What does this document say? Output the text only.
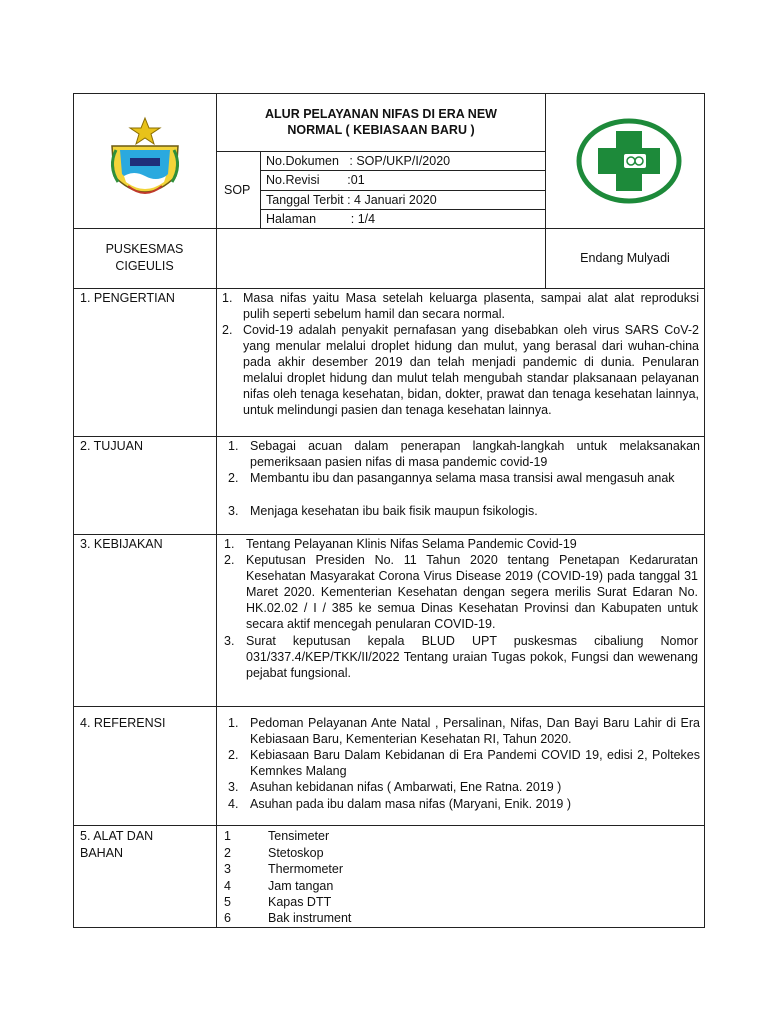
ALUR PELAYANAN NIFAS DI ERA NEW
NORMAL ( KEBIASAAN BARU )
SOP
No.Dokumen   : SOP/UKP/I/2020
No.Revisi        :01
Tanggal Terbit : 4 Januari 2020
Halaman          : 1/4
PUSKESMAS
CIGEULIS
Endang Mulyadi
1. PENGERTIAN	1. Masa nifas yaitu Masa setelah keluarga plasenta, sampai alat alat reproduksi pulih seperti sebelum hamil dan secara normal.
2. Covid-19 adalah penyakit pernafasan yang disebabkan oleh virus SARS CoV-2 yang menular melalui droplet hidung dan mulut, yang berasal dari wuhan-china pada akhir desember 2019 dan telah menjadi pandemic di dunia. Penularan melalui droplet hidung dan mulut telah mengubah standar plaksanaan pelayanan nifas oleh tenaga kesehatan, bidan, dokter, prawat dan tenaga kesehatan lainnya, untuk melindungi pasien dan tenaga kesehatan lainnya.
2. TUJUAN	1. Sebagai acuan dalam penerapan langkah-langkah untuk melaksanakan pemeriksaan pasien nifas di masa pandemic covid-19
2. Membantu ibu dan pasangannya selama masa transisi awal mengasuh anak
3. Menjaga kesehatan ibu baik fisik maupun fsikologis.
3. KEBIJAKAN	1. Tentang Pelayanan Klinis Nifas Selama Pandemic Covid-19
2. Keputusan Presiden No. 11 Tahun 2020 tentang Penetapan Kedaruratan Kesehatan Masyarakat Corona Virus Disease 2019 (COVID-19) pada tanggal 31 Maret 2020. Kementerian Kesehatan dengan segera merilis Surat Edaran No. HK.02.02 / I / 385 ke semua Dinas Kesehatan Provinsi dan Kabupaten untuk secara aktif mencegah penularan COVID-19.
3. Surat keputusan kepala BLUD UPT puskesmas cibaliung Nomor 031/337.4/KEP/TKK/II/2022 Tentang uraian Tugas pokok, Fungsi dan wewenang pejabat fungsional.
4. REFERENSI	1. Pedoman Pelayanan Ante Natal , Persalinan, Nifas, Dan Bayi Baru Lahir di Era Kebiasaan Baru, Kementerian Kesehatan RI, Tahun 2020.
2. Kebiasaan Baru Dalam Kebidanan di Era Pandemi COVID 19, edisi 2, Poltekes Kemnkes Malang
3. Asuhan kebidanan nifas ( Ambarwati, Ene Ratna. 2019 )
4. Asuhan pada ibu dalam masa nifas (Maryani, Enik. 2019 )
5. ALAT DAN
BAHAN
1	Tensimeter
2	Stetoskop
3	Thermometer
4	Jam tangan
5	Kapas DTT
6	Bak instrument
